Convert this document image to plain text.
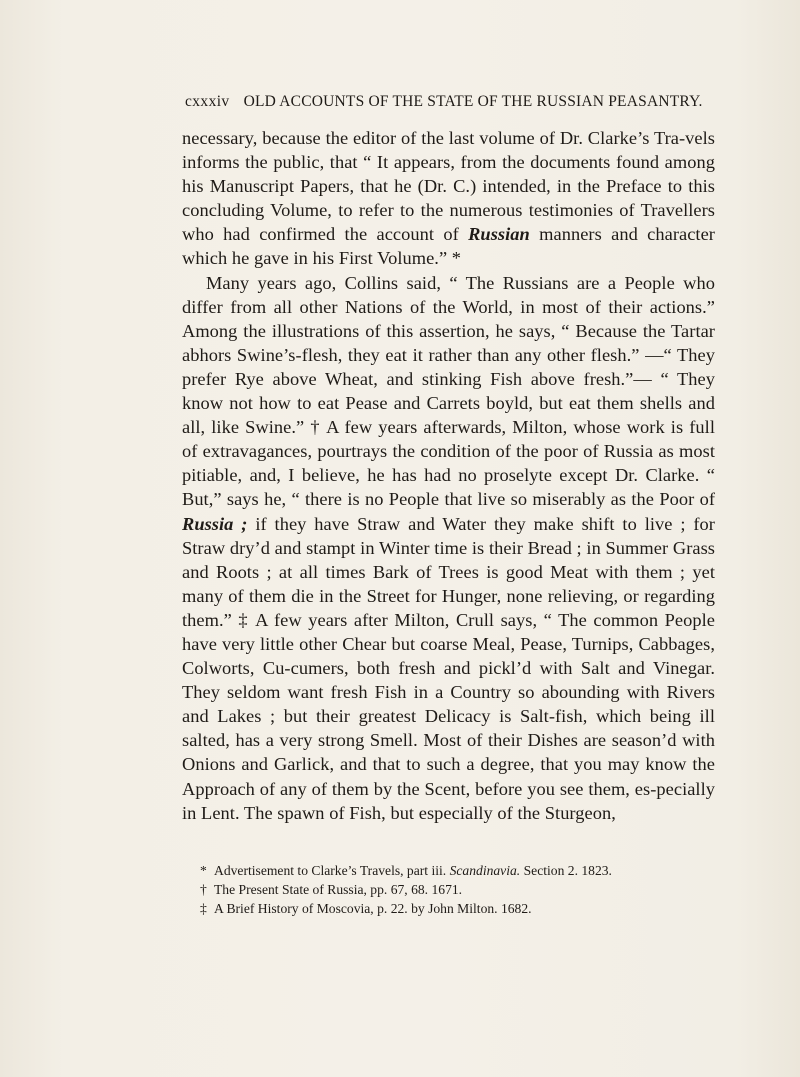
cxxxiv OLD ACCOUNTS OF THE STATE OF THE RUSSIAN PEASANTRY.

necessary, because the editor of the last volume of Dr. Clarke’s Tra-vels informs the public, that “ It appears, from the documents found among his Manuscript Papers, that he (Dr. C.) intended, in the Preface to this concluding Volume, to refer to the numerous testimonies of Travellers who had confirmed the account of Russian manners and character which he gave in his First Volume.” *

Many years ago, Collins said, “ The Russians are a People who differ from all other Nations of the World, in most of their actions.” Among the illustrations of this assertion, he says, “ Because the Tartar abhors Swine’s-flesh, they eat it rather than any other flesh.” —“ They prefer Rye above Wheat, and stinking Fish above fresh.”— “ They know not how to eat Pease and Carrets boyld, but eat them shells and all, like Swine.” † A few years afterwards, Milton, whose work is full of extravagances, pourtrays the condition of the poor of Russia as most pitiable, and, I believe, he has had no proselyte except Dr. Clarke. “ But,” says he, “ there is no People that live so miserably as the Poor of Russia ; if they have Straw and Water they make shift to live ; for Straw dry’d and stampt in Winter time is their Bread ; in Summer Grass and Roots ; at all times Bark of Trees is good Meat with them ; yet many of them die in the Street for Hunger, none relieving, or regarding them.” ‡ A few years after Milton, Crull says, “ The common People have very little other Chear but coarse Meal, Pease, Turnips, Cabbages, Colworts, Cu-cumers, both fresh and pickl’d with Salt and Vinegar. They seldom want fresh Fish in a Country so abounding with Rivers and Lakes ; but their greatest Delicacy is Salt-fish, which being ill salted, has a very strong Smell. Most of their Dishes are season’d with Onions and Garlick, and that to such a degree, that you may know the Approach of any of them by the Scent, before you see them, es-pecially in Lent. The spawn of Fish, but especially of the Sturgeon,

* Advertisement to Clarke’s Travels, part iii. Scandinavia. Section 2. 1823.

† The Present State of Russia, pp. 67, 68. 1671.

‡ A Brief History of Moscovia, p. 22. by John Milton. 1682.
